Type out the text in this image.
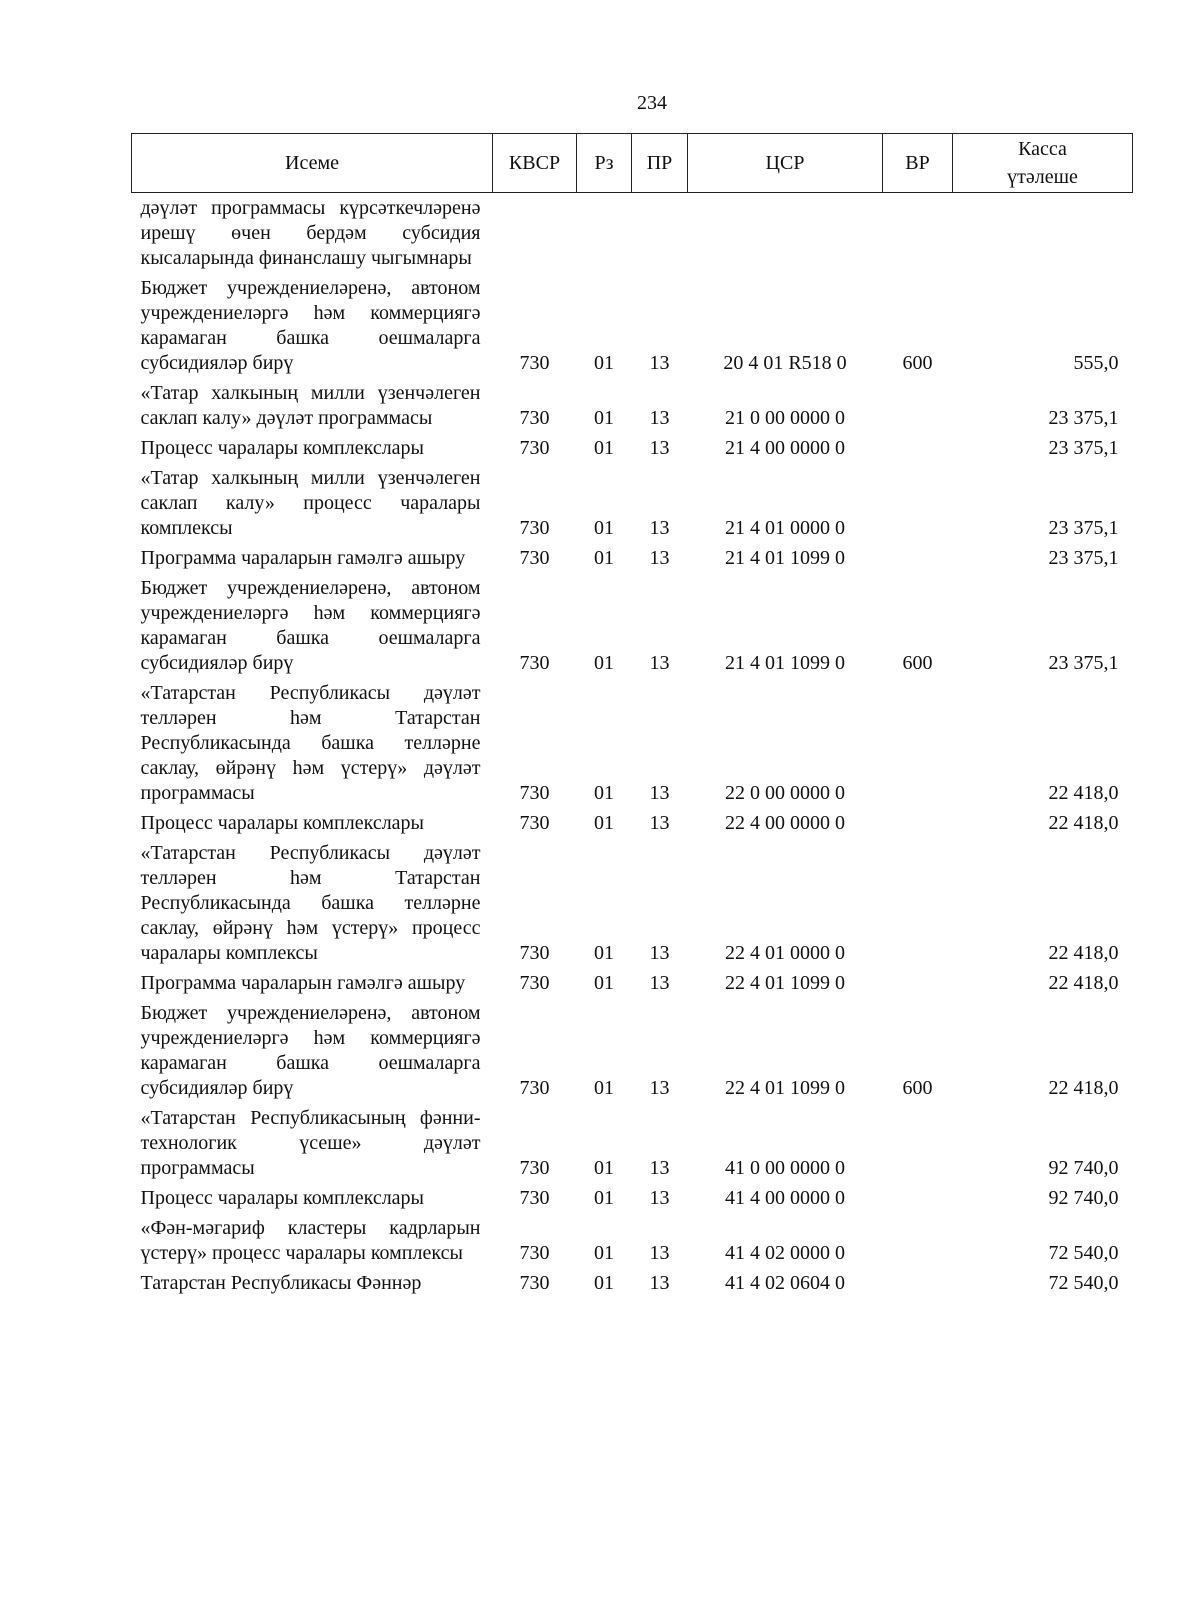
234
Исеме	КВСР	Рз	ПР	ЦСР	ВР	Касса үтәлеше
дәүләт программасы күрсәткечләренә ирешү өчен бердәм субсидия кысаларында финанслашу чыгымнары						
Бюджет учреждениеләренә, автоном учреждениеләргә һәм коммерциягә карамаган башка оешмаларга субсидияләр бирү	730	01	13	20 4 01 R518 0	600	555,0
«Татар халкының милли үзенчәлеген саклап калу» дәүләт программасы	730	01	13	21 0 00 0000 0		23 375,1
Процесс чаралары комплекслары	730	01	13	21 4 00 0000 0		23 375,1
«Татар халкының милли үзенчәлеген саклап калу» процесс чаралары комплексы	730	01	13	21 4 01 0000 0		23 375,1
Программа чараларын гамәлгә ашыру	730	01	13	21 4 01 1099 0		23 375,1
Бюджет учреждениеләренә, автоном учреждениеләргә һәм коммерциягә карамаган башка оешмаларга субсидияләр бирү	730	01	13	21 4 01 1099 0	600	23 375,1
«Татарстан Республикасы дәүләт телләрен һәм Татарстан Республикасында башка телләрне саклау, өйрәнү һәм үстерү» дәүләт программасы	730	01	13	22 0 00 0000 0		22 418,0
Процесс чаралары комплекслары	730	01	13	22 4 00 0000 0		22 418,0
«Татарстан Республикасы дәүләт телләрен һәм Татарстан Республикасында башка телләрне саклау, өйрәнү һәм үстерү» процесс чаралары комплексы	730	01	13	22 4 01 0000 0		22 418,0
Программа чараларын гамәлгә ашыру	730	01	13	22 4 01 1099 0		22 418,0
Бюджет учреждениеләренә, автоном учреждениеләргә һәм коммерциягә карамаган башка оешмаларга субсидияләр бирү	730	01	13	22 4 01 1099 0	600	22 418,0
«Татарстан Республикасының фәнни-технологик үсеше» дәүләт программасы	730	01	13	41 0 00 0000 0		92 740,0
Процесс чаралары комплекслары	730	01	13	41 4 00 0000 0		92 740,0
«Фән-мәгариф кластеры кадрларын үстерү» процесс чаралары комплексы	730	01	13	41 4 02 0000 0		72 540,0
Татарстан Республикасы Фәннәр	730	01	13	41 4 02 0604 0		72 540,0
